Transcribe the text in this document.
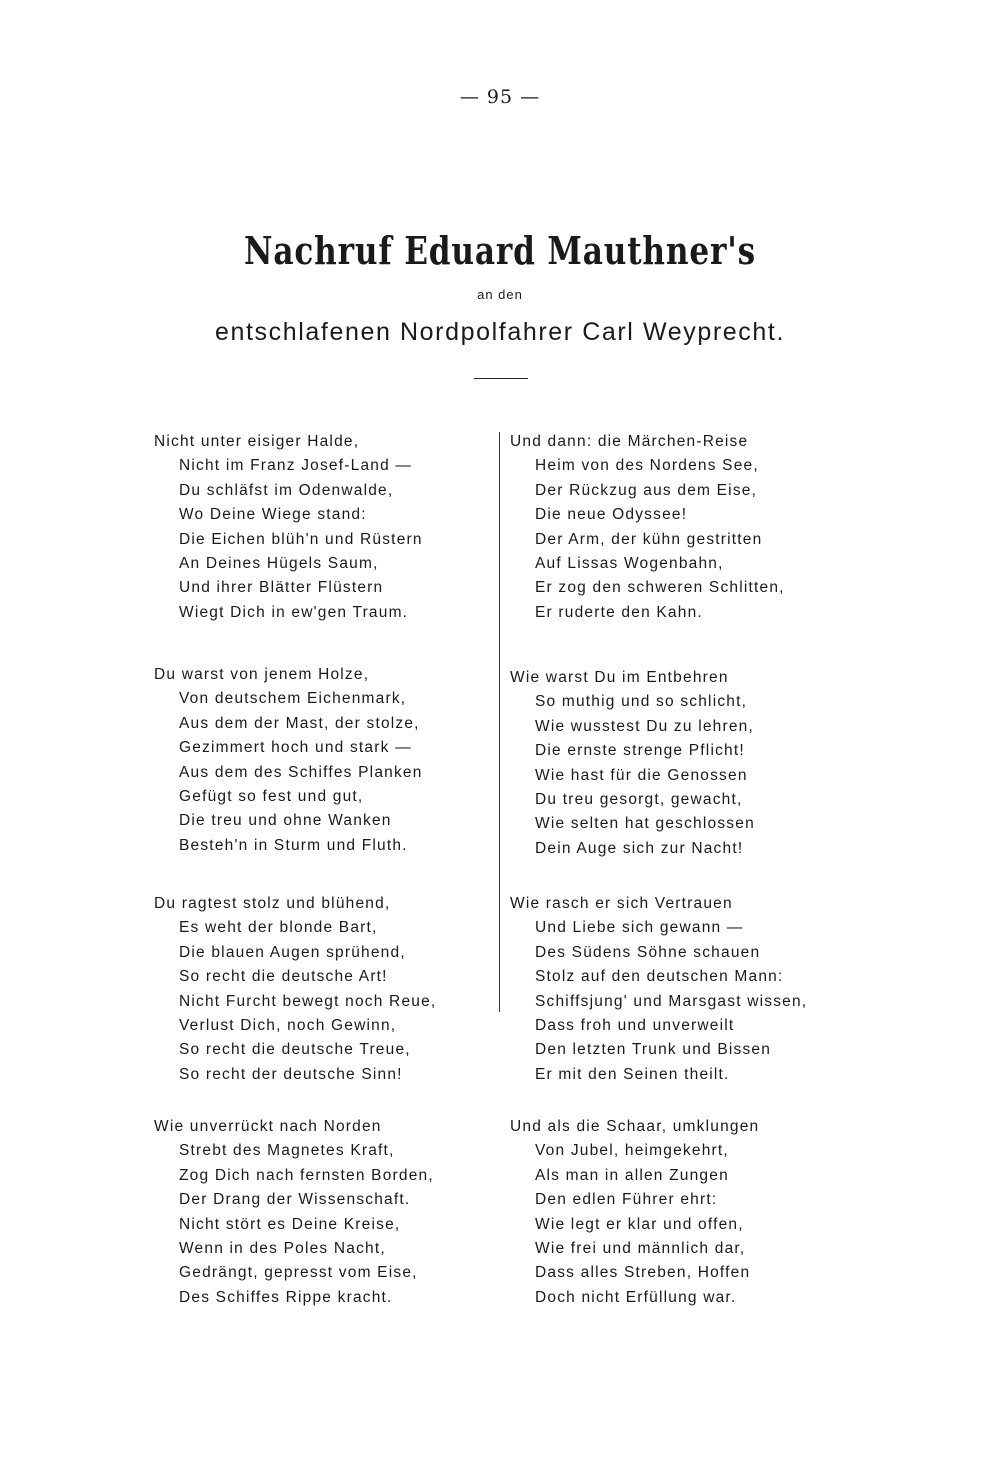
— 95 —
Nachruf Eduard Mauthner's
an den
entschlafenen Nordpolfahrer Carl Weyprecht.
Nicht unter eisiger Halde,
Nicht im Franz Josef-Land —
Du schläfst im Odenwalde,
Wo Deine Wiege stand:
Die Eichen blüh'n und Rüstern
An Deines Hügels Saum,
Und ihrer Blätter Flüstern
Wiegt Dich in ew'gen Traum.
Du warst von jenem Holze,
Von deutschem Eichenmark,
Aus dem der Mast, der stolze,
Gezimmert hoch und stark —
Aus dem des Schiffes Planken
Gefügt so fest und gut,
Die treu und ohne Wanken
Besteh'n in Sturm und Fluth.
Du ragtest stolz und blühend,
Es weht der blonde Bart,
Die blauen Augen sprühend,
So recht die deutsche Art!
Nicht Furcht bewegt noch Reue,
Verlust Dich, noch Gewinn,
So recht die deutsche Treue,
So recht der deutsche Sinn!
Wie unverrückt nach Norden
Strebt des Magnetes Kraft,
Zog Dich nach fernsten Borden,
Der Drang der Wissenschaft.
Nicht stört es Deine Kreise,
Wenn in des Poles Nacht,
Gedrängt, gepresst vom Eise,
Des Schiffes Rippe kracht.
Und dann: die Märchen-Reise
Heim von des Nordens See,
Der Rückzug aus dem Eise,
Die neue Odyssee!
Der Arm, der kühn gestritten
Auf Lissas Wogenbahn,
Er zog den schweren Schlitten,
Er ruderte den Kahn.
Wie warst Du im Entbehren
So muthig und so schlicht,
Wie wusstest Du zu lehren,
Die ernste strenge Pflicht!
Wie hast für die Genossen
Du treu gesorgt, gewacht,
Wie selten hat geschlossen
Dein Auge sich zur Nacht!
Wie rasch er sich Vertrauen
Und Liebe sich gewann —
Des Südens Söhne schauen
Stolz auf den deutschen Mann:
Schiffsjung' und Marsgast wissen,
Dass froh und unverweilt
Den letzten Trunk und Bissen
Er mit den Seinen theilt.
Und als die Schaar, umklungen
Von Jubel, heimgekehrt,
Als man in allen Zungen
Den edlen Führer ehrt:
Wie legt er klar und offen,
Wie frei und männlich dar,
Dass alles Streben, Hoffen
Doch nicht Erfüllung war.
